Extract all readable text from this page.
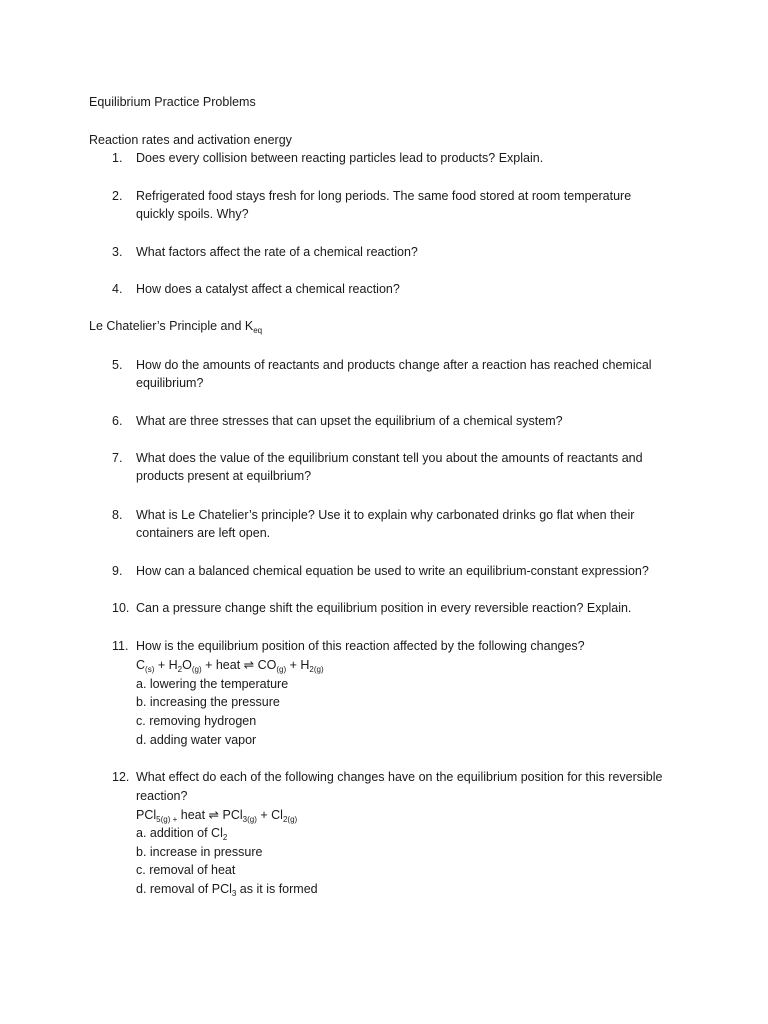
Equilibrium Practice Problems
Reaction rates and activation energy
1. Does every collision between reacting particles lead to products? Explain.
2. Refrigerated food stays fresh for long periods. The same food stored at room temperature
quickly spoils. Why?
3. What factors affect the rate of a chemical reaction?
4. How does a catalyst affect a chemical reaction?
Le Chatelier’s Principle and $K_{eq}$
5. How do the amounts of reactants and products change after a reaction has reached chemical
equilibrium?
6. What are three stresses that can upset the equilibrium of a chemical system?
7. What does the value of the equilibrium constant tell you about the amounts of reactants and
products present at equilbrium?
8. What is Le Chatelier’s principle? Use it to explain why carbonated drinks go flat when their
containers are left open.
9. How can a balanced chemical equation be used to write an equilibrium-constant expression?
10. Can a pressure change shift the equilibrium position in every reversible reaction? Explain.
11. How is the equilibrium position of this reaction affected by the following changes?
$C_{(s)} + H_2O_{(g)}$ + heat ⇌ $CO_{(g)} + H_{2(g)}$
a. lowering the temperature
b. increasing the pressure
c. removing hydrogen
d. adding water vapor
12. What effect do each of the following changes have on the equilibrium position for this reversible
reaction?
PCl$_{5(g) +}$ heat ⇌ $PCl_{3(g)} + Cl_{2(g)}$
a. addition of $Cl_2$
b. increase in pressure
c. removal of heat
d. removal of PCl$_3$ as it is formed
